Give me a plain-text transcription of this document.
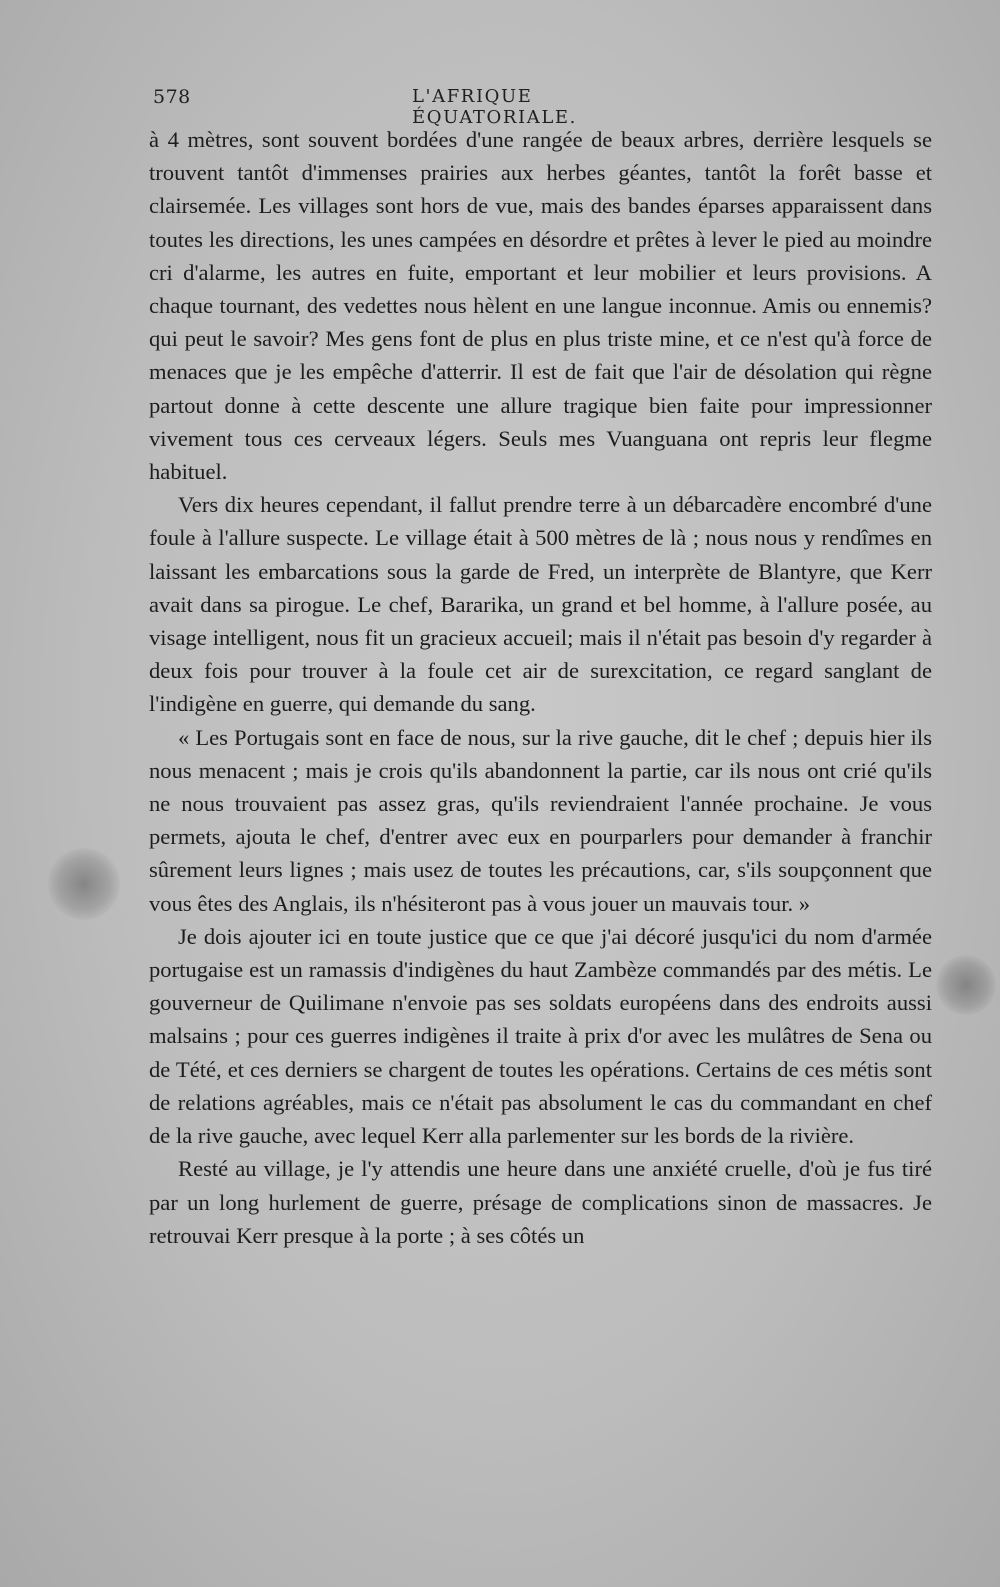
578	L'AFRIQUE ÉQUATORIALE.

à 4 mètres, sont souvent bordées d'une rangée de beaux arbres, derrière lesquels se trouvent tantôt d'immenses prairies aux herbes géantes, tantôt la forêt basse et clairsemée. Les villages sont hors de vue, mais des bandes éparses apparaissent dans toutes les directions, les unes campées en désordre et prêtes à lever le pied au moindre cri d'alarme, les autres en fuite, emportant et leur mobilier et leurs provisions. A chaque tournant, des vedettes nous hèlent en une langue inconnue. Amis ou ennemis? qui peut le savoir? Mes gens font de plus en plus triste mine, et ce n'est qu'à force de menaces que je les empêche d'atterrir. Il est de fait que l'air de désolation qui règne partout donne à cette descente une allure tragique bien faite pour impressionner vivement tous ces cerveaux légers. Seuls mes Vuanguana ont repris leur flegme habituel.

Vers dix heures cependant, il fallut prendre terre à un débarcadère encombré d'une foule à l'allure suspecte. Le village était à 500 mètres de là ; nous nous y rendîmes en laissant les embarcations sous la garde de Fred, un interprète de Blantyre, que Kerr avait dans sa pirogue. Le chef, Bararika, un grand et bel homme, à l'allure posée, au visage intelligent, nous fit un gracieux accueil; mais il n'était pas besoin d'y regarder à deux fois pour trouver à la foule cet air de surexcitation, ce regard sanglant de l'indigène en guerre, qui demande du sang.

« Les Portugais sont en face de nous, sur la rive gauche, dit le chef ; depuis hier ils nous menacent ; mais je crois qu'ils abandonnent la partie, car ils nous ont crié qu'ils ne nous trouvaient pas assez gras, qu'ils reviendraient l'année prochaine. Je vous permets, ajouta le chef, d'entrer avec eux en pourparlers pour demander à franchir sûrement leurs lignes ; mais usez de toutes les précautions, car, s'ils soupçonnent que vous êtes des Anglais, ils n'hésiteront pas à vous jouer un mauvais tour. »

Je dois ajouter ici en toute justice que ce que j'ai décoré jusqu'ici du nom d'armée portugaise est un ramassis d'indigènes du haut Zambèze commandés par des métis. Le gouverneur de Quilimane n'envoie pas ses soldats européens dans des endroits aussi malsains ; pour ces guerres indigènes il traite à prix d'or avec les mulâtres de Sena ou de Tété, et ces derniers se chargent de toutes les opérations. Certains de ces métis sont de relations agréables, mais ce n'était pas absolument le cas du commandant en chef de la rive gauche, avec lequel Kerr alla parlementer sur les bords de la rivière.

Resté au village, je l'y attendis une heure dans une anxiété cruelle, d'où je fus tiré par un long hurlement de guerre, présage de complications sinon de massacres. Je retrouvai Kerr presque à la porte ; à ses côtés un
